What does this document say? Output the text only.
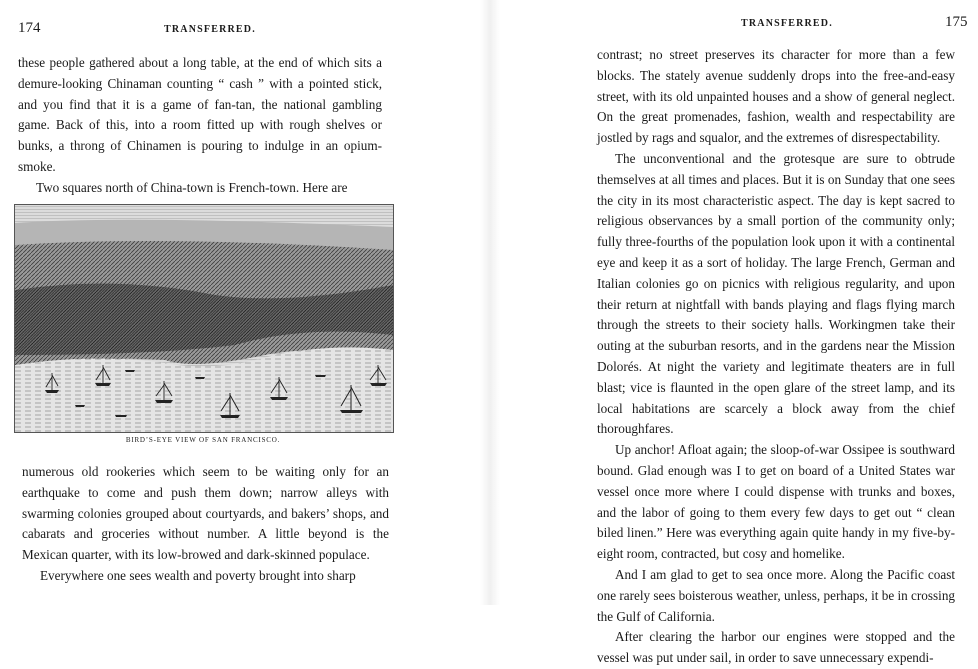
174	TRANSFERRED.

these people gathered about a long table, at the end of which sits a demure-looking Chinaman counting “ cash ” with a pointed stick, and you find that it is a game of fan-tan, the national gambling game. Back of this, into a room fitted up with rough shelves or bunks, a throng of Chinamen is pouring to indulge in an opium-smoke.

Two squares north of China-town is French-town. Here are

BIRD’S-EYE VIEW OF SAN FRANCISCO.

numerous old rookeries which seem to be waiting only for an earthquake to come and push them down; narrow alleys with swarming colonies grouped about courtyards, and bakers’ shops, and cabarats and groceries without number. A little beyond is the Mexican quarter, with its low-browed and dark-skinned populace.

Everywhere one sees wealth and poverty brought into sharp

TRANSFERRED.	175

contrast; no street preserves its character for more than a few blocks. The stately avenue suddenly drops into the free-and-easy street, with its old unpainted houses and a show of general neglect. On the great promenades, fashion, wealth and respectability are jostled by rags and squalor, and the extremes of disrespectability.

The unconventional and the grotesque are sure to obtrude themselves at all times and places. But it is on Sunday that one sees the city in its most characteristic aspect. The day is kept sacred to religious observances by a small portion of the community only; fully three-fourths of the population look upon it with a continental eye and keep it as a sort of holiday. The large French, German and Italian colonies go on picnics with religious regularity, and upon their return at nightfall with bands playing and flags flying march through the streets to their society halls. Workingmen take their outing at the suburban resorts, and in the gardens near the Mission Dolorés. At night the variety and legitimate theaters are in full blast; vice is flaunted in the open glare of the street lamp, and its local habitations are scarcely a block away from the chief thoroughfares.

Up anchor! Afloat again; the sloop-of-war Ossipee is southward bound. Glad enough was I to get on board of a United States war vessel once more where I could dispense with trunks and boxes, and the labor of going to them every few days to get out “ clean biled linen.” Here was everything again quite handy in my five-by-eight room, contracted, but cosy and homelike.

And I am glad to get to sea once more. Along the Pacific coast one rarely sees boisterous weather, unless, perhaps, it be in crossing the Gulf of California.

After clearing the harbor our engines were stopped and the vessel was put under sail, in order to save unnecessary expendi-
